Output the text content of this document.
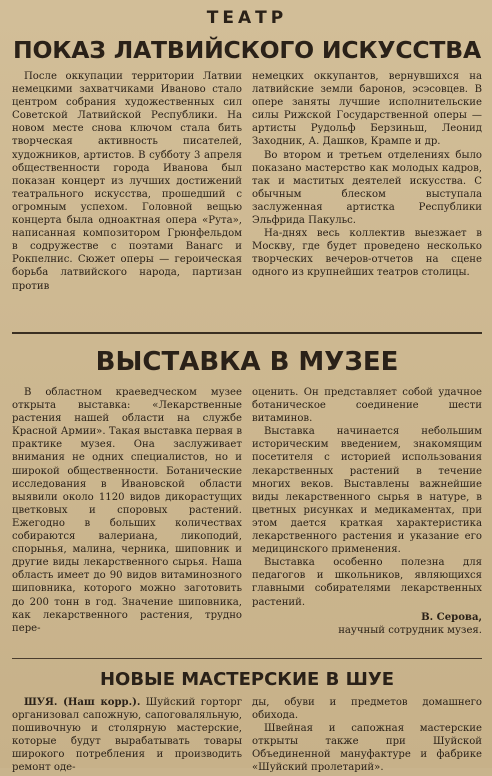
ТЕАТР
ПОКАЗ ЛАТВИЙСКОГО ИСКУССТВА

После оккупации территории Латвии немецкими захватчиками Иваново стало центром собрания художественных сил Советской Латвийской Республики. На новом месте снова ключом стала бить творческая активность писателей, художников, артистов. В субботу 3 апреля общественности города Иванова был показан концерт из лучших достижений театрального искусства, прошедший с огромным успехом. Головной вещью концерта была одноактная опера «Рута», написанная композитором Грюнфельдом в содружестве с поэтами Ванагс и Рокпелнис. Сюжет оперы — героическая борьба латвийского народа, партизан против

немецких оккупантов, вернувшихся на латвийские земли баронов, эсэсовцев. В опере заняты лучшие исполнительские силы Рижской Государственной оперы — артисты Рудольф Берзиньш, Леонид Заходник, А. Дашков, Крампе и др.

Во втором и третьем отделениях было показано мастерство как молодых кадров, так и маститых деятелей искусства. С обычным блеском выступала заслуженная артистка Республики Эльфрида Пакульс.

На-днях весь коллектив выезжает в Москву, где будет проведено несколько творческих вечеров-отчетов на сцене одного из крупнейших театров столицы.

ВЫСТАВКА В МУЗЕЕ

В областном краеведческом музее открыта выставка: «Лекарственные растения нашей области на службе Красной Армии». Такая выставка первая в практике музея. Она заслуживает внимания не одних специалистов, но и широкой общественности. Ботанические исследования в Ивановской области выявили около 1120 видов дикорастущих цветковых и споровых растений. Ежегодно в больших количествах собираются валериана, ликоподий, спорынья, малина, черника, шиповник и другие виды лекарственного сырья. Наша область имеет до 90 видов витаминозного шиповника, которого можно заготовить до 200 тонн в год. Значение шиповника, как лекарственного растения, трудно пере-

оценить. Он представляет собой удачное ботаническое соединение шести витаминов.

Выставка начинается небольшим историческим введением, знакомящим посетителя с историей использования лекарственных растений в течение многих веков. Выставлены важнейшие виды лекарственного сырья в натуре, в цветных рисунках и медикаментах, при этом дается краткая характеристика лекарственного растения и указание его медицинского применения.

Выставка особенно полезна для педагогов и школьников, являющихся главными собирателями лекарственных растений.

В. Серова,

научный сотрудник музея.

НОВЫЕ МАСТЕРСКИЕ В ШУЕ

ШУЯ. (Наш корр.). Шуйский горторг организовал сапожную, сапоговаляльную, пошивочную и столярную мастерские, которые будут вырабатывать товары широкого потребления и производить ремонт оде-

ды, обуви и предметов домашнего обихода.

Швейная и сапожная мастерские открыты также при Шуйской Объединенной мануфактуре и фабрике «Шуйский пролетарий».
